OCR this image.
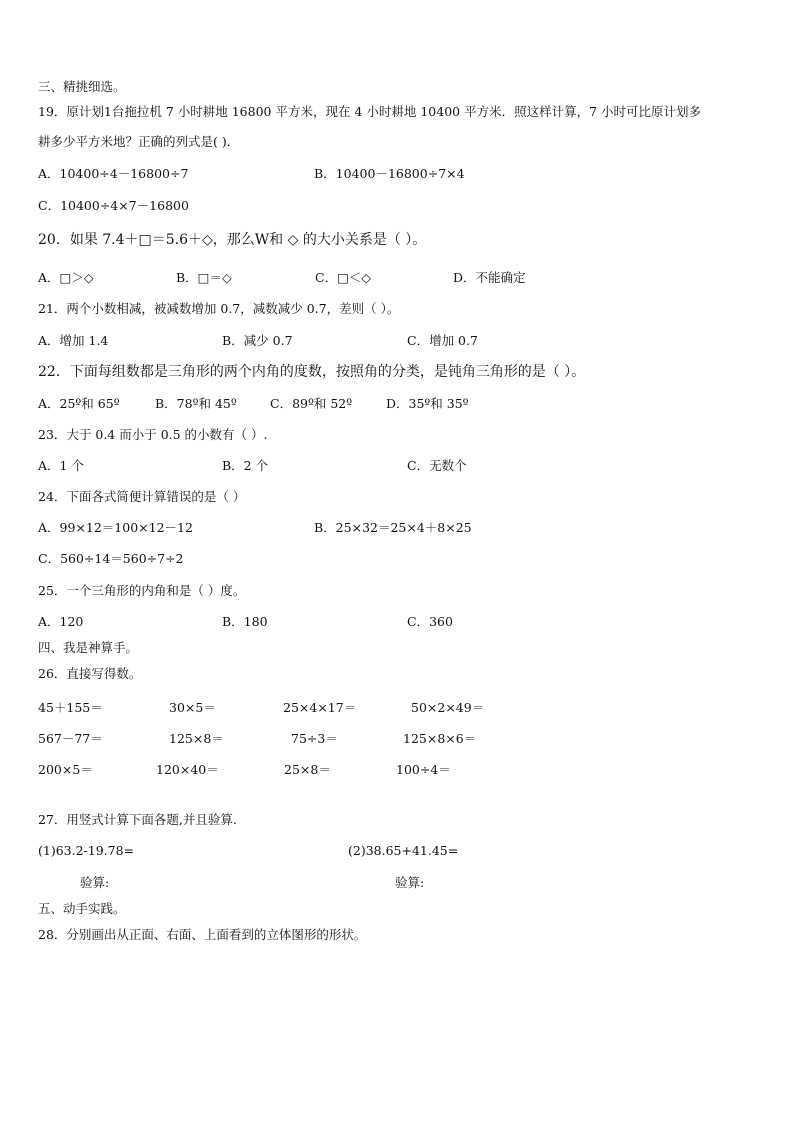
三、精挑细选。
19．原计划1台拖拉机 7 小时耕地 16800 平方米，现在 4 小时耕地 10400 平方米．照这样计算，7 小时可比原计划多
耕多少平方米地？正确的列式是( )．
A．10400÷4－16800÷7	B．10400－16800÷7×4
C．10400÷4×7－16800
20．如果 7.4＋□＝5.6＋◇，那么W和 ◇ 的大小关系是（ ）。
A．□＞◇	B．□＝◇	C．□＜◇	D．不能确定
21．两个小数相减，被减数增加 0.7，减数减少 0.7，差则（ ）。
A．增加 1.4	B．减少 0.7	C．增加 0.7
22．下面每组数都是三角形的两个内角的度数，按照角的分类，是钝角三角形的是（ ）。
A．25º和 65º	B．78º和 45º	C．89º和 52º	D．35º和 35º
23．大于 0.4 而小于 0.5 的小数有（ ）.
A．1 个	B．2 个	C．无数个
24．下面各式简便计算错误的是（ ）
A．99×12＝100×12－12	B．25×32＝25×4＋8×25
C．560÷14＝560÷7÷2
25．一个三角形的内角和是（ ）度。
A．120	B．180	C．360
四、我是神算手。
26．直接写得数。
45＋155＝	30×5＝	25×4×17＝	50×2×49＝
567－77＝	125×8＝	75÷3＝	125×8×6＝
200×5＝	120×40＝	25×8＝	100÷4＝
27．用竖式计算下面各题,并且验算.
(1)63.2-19.78=	(2)38.65+41.45=
验算:	验算:
五、动手实践。
28．分别画出从正面、右面、上面看到的立体图形的形状。
